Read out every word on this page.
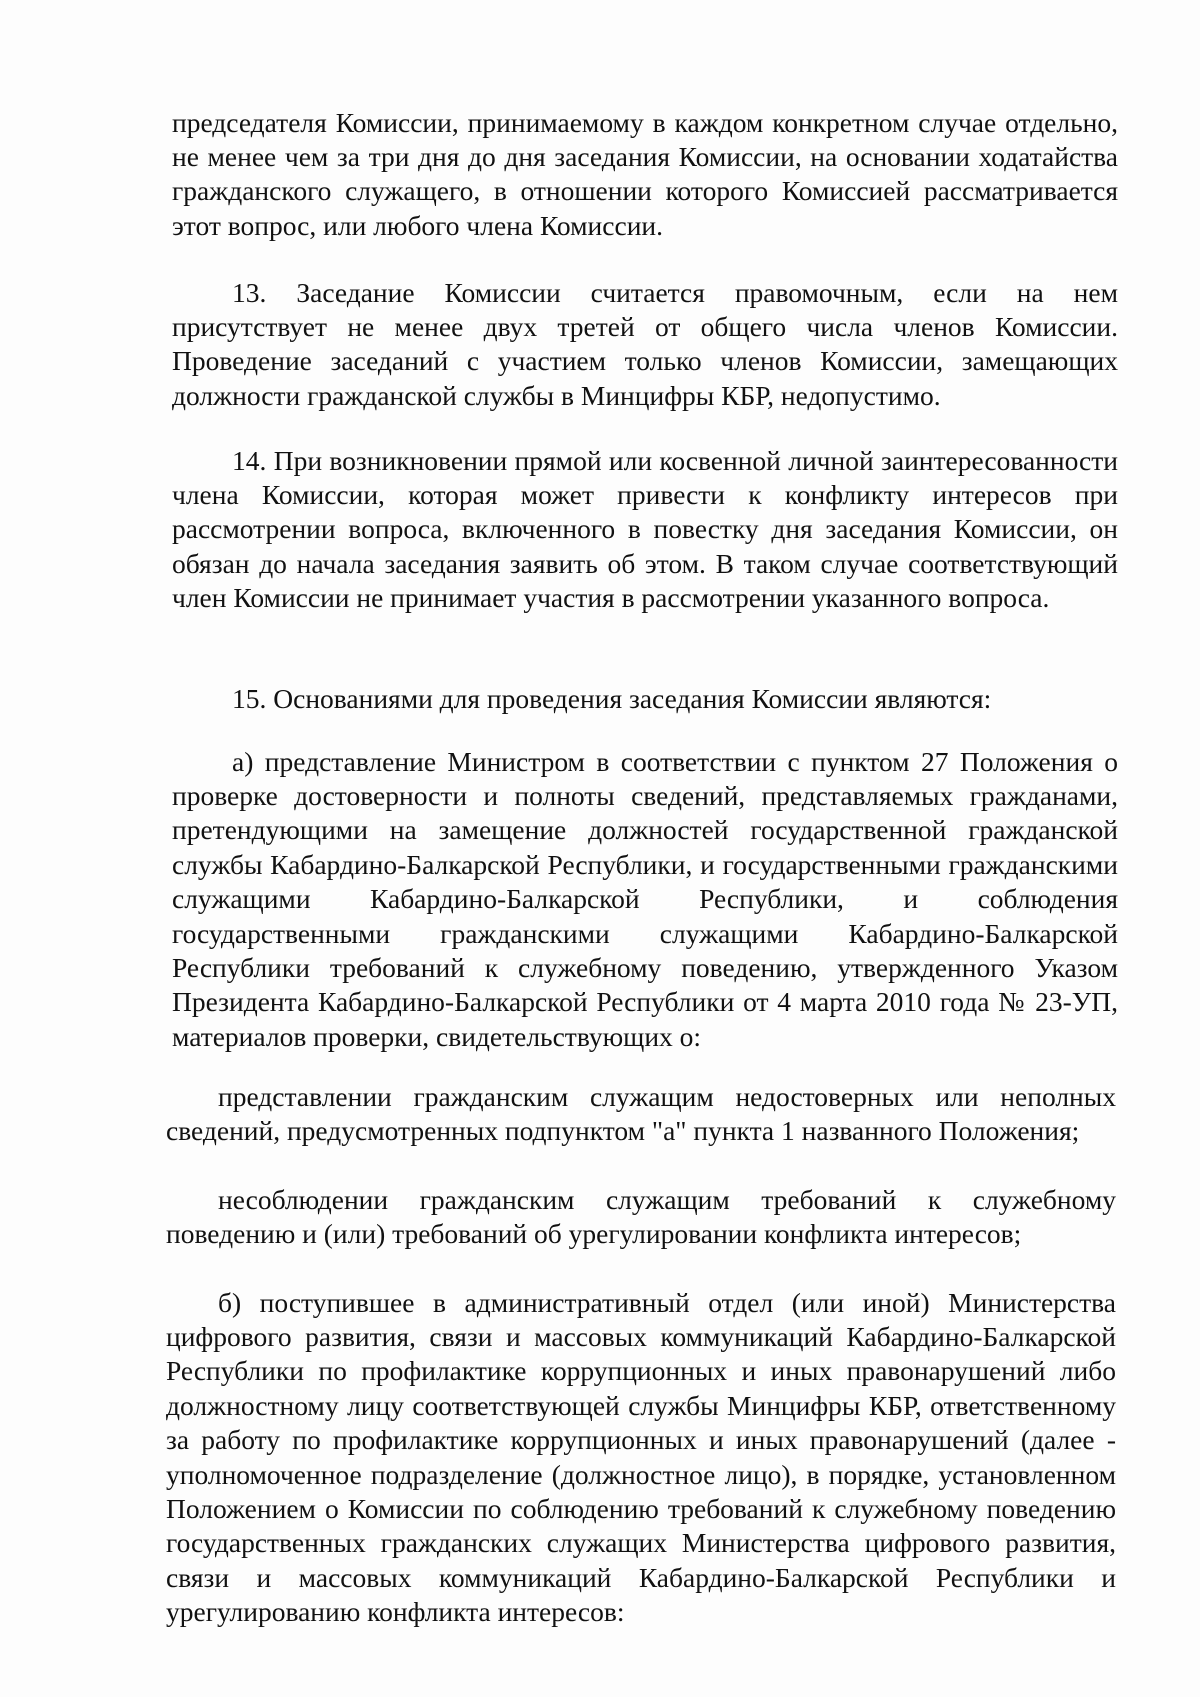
председателя Комиссии, принимаемому в каждом конкретном случае отдельно, не менее чем за три дня до дня заседания Комиссии, на основании ходатайства гражданского служащего, в отношении которого Комиссией рассматривается этот вопрос, или любого члена Комиссии.

13. Заседание Комиссии считается правомочным, если на нем присутствует не менее двух третей от общего числа членов Комиссии. Проведение заседаний с участием только членов Комиссии, замещающих должности гражданской службы в Минцифры КБР, недопустимо.

14. При возникновении прямой или косвенной личной заинтересованности члена Комиссии, которая может привести к конфликту интересов при рассмотрении вопроса, включенного в повестку дня заседания Комиссии, он обязан до начала заседания заявить об этом. В таком случае соответствующий член Комиссии не принимает участия в рассмотрении указанного вопроса.

15. Основаниями для проведения заседания Комиссии являются:

а) представление Министром в соответствии с пунктом 27 Положения о проверке достоверности и полноты сведений, представляемых гражданами, претендующими на замещение должностей государственной гражданской службы Кабардино-Балкарской Республики, и государственными гражданскими служащими Кабардино-Балкарской Республики, и соблюдения государственными гражданскими служащими Кабардино-Балкарской Республики требований к служебному поведению, утвержденного Указом Президента Кабардино-Балкарской Республики от 4 марта 2010 года № 23-УП, материалов проверки, свидетельствующих о:

представлении гражданским служащим недостоверных или неполных сведений, предусмотренных подпунктом "а" пункта 1 названного Положения;

несоблюдении гражданским служащим требований к служебному поведению и (или) требований об урегулировании конфликта интересов;

б) поступившее в административный отдел (или иной) Министерства цифрового развития, связи и массовых коммуникаций Кабардино-Балкарской Республики по профилактике коррупционных и иных правонарушений либо должностному лицу соответствующей службы Минцифры КБР, ответственному за работу по профилактике коррупционных и иных правонарушений (далее - уполномоченное подразделение (должностное лицо), в порядке, установленном Положением о Комиссии по соблюдению требований к служебному поведению государственных гражданских служащих Министерства цифрового развития, связи и массовых коммуникаций Кабардино-Балкарской Республики и урегулированию конфликта интересов:
